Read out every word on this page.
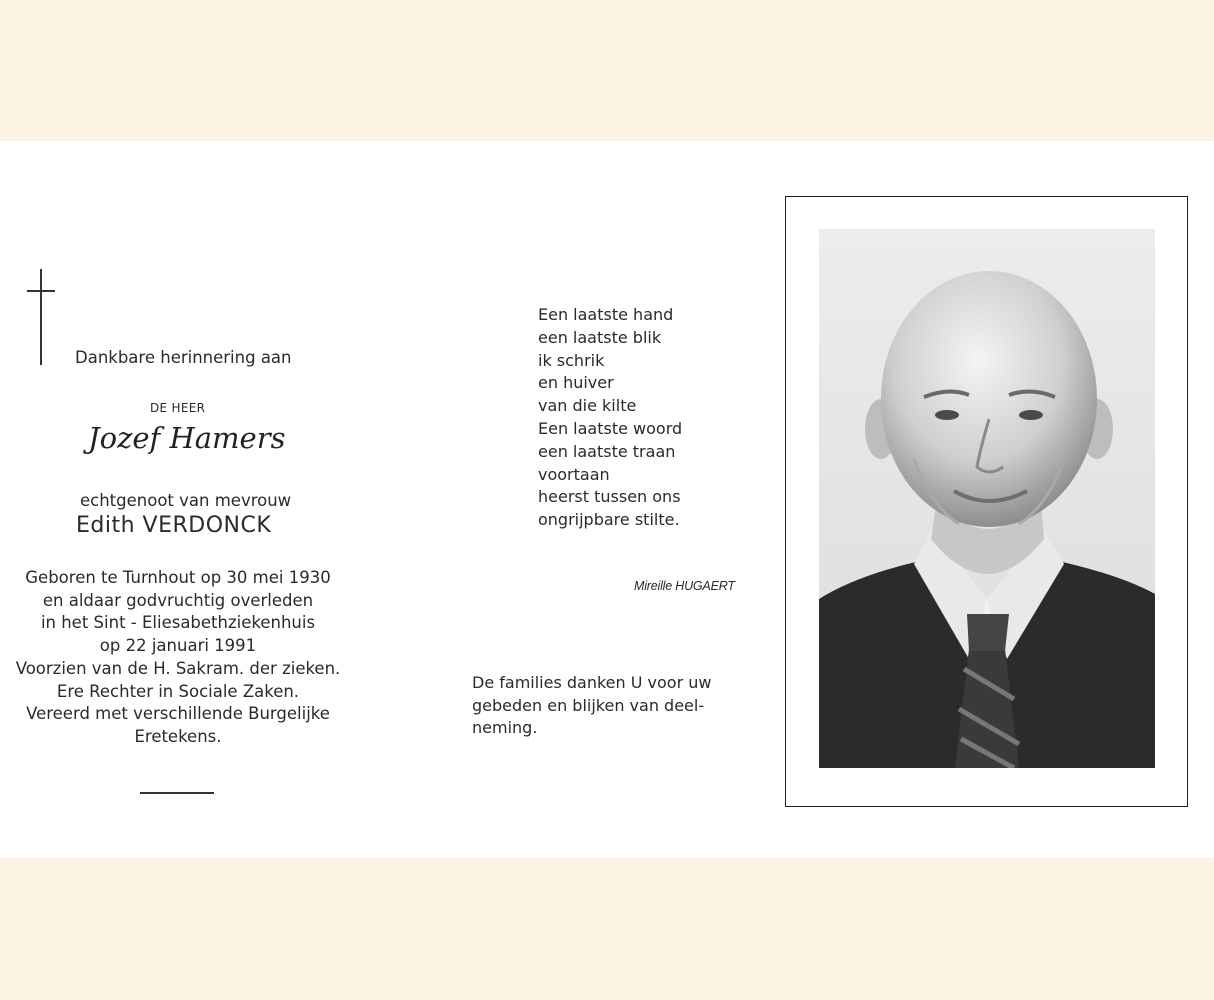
Dankbare herinnering aan
DE HEER
Jozef Hamers
echtgenoot van mevrouw
Edith VERDONCK
Geboren te Turnhout op 30 mei 1930
en aldaar godvruchtig overleden
in het Sint - Eliesabethziekenhuis
op 22 januari 1991
Voorzien van de H. Sakram. der zieken.
Ere Rechter in Sociale Zaken.
Vereerd met verschillende Burgelijke
Eretekens.
Een laatste hand
een laatste blik
ik schrik
en huiver
van die kilte
Een laatste woord
een laatste traan
voortaan
heerst tussen ons
ongrijpbare stilte.
Mireille HUGAERT
De families danken U voor uw
gebeden en blijken van deel-
neming.
